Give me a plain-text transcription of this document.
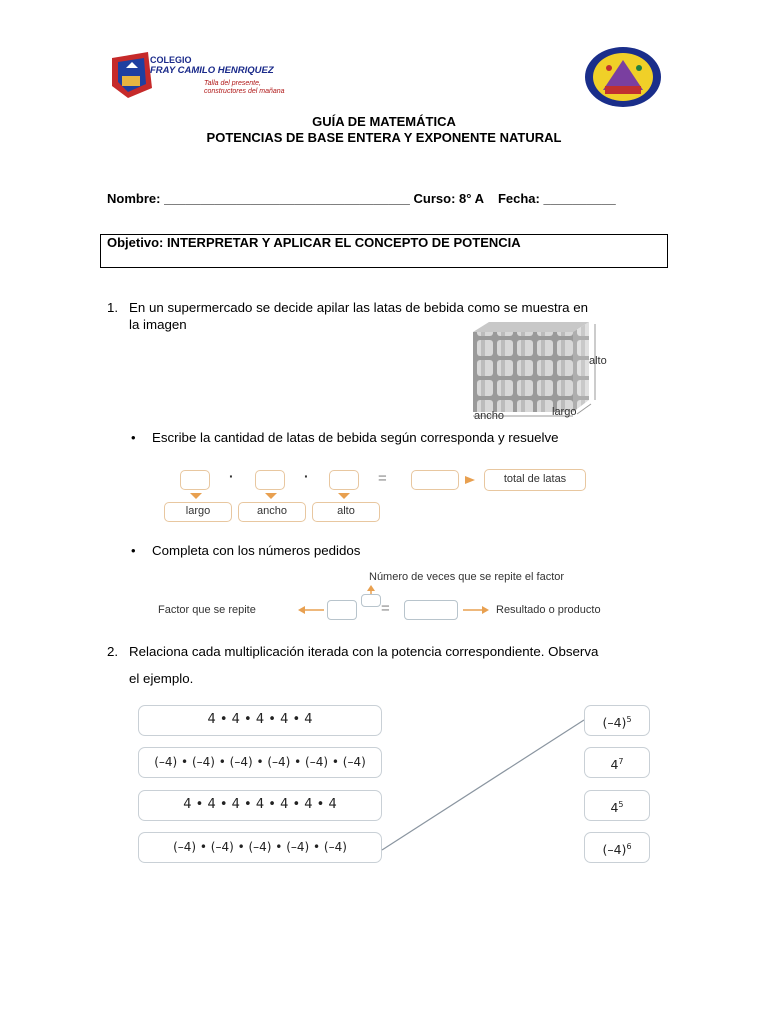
COLEGIO
FRAY CAMILO HENRIQUEZ
Talla del presente, constructores del mañana
GUÍA DE MATEMÁTICA
POTENCIAS DE BASE ENTERA Y EXPONENTE NATURAL
Nombre: __________________________________ Curso: 8° A Fecha: __________
Objetivo: INTERPRETAR Y APLICAR EL CONCEPTO DE POTENCIA
1. En un supermercado se decide apilar las latas de bebida como se muestra en
la imagen
alto
ancho	largo
• Escribe la cantidad de latas de bebida según corresponda y resuelve
·	·	=	total de latas
largo	ancho	alto
• Completa con los números pedidos
Número de veces que se repite el factor
Factor que se repite	=	Resultado o producto
2. Relaciona cada multiplicación iterada con la potencia correspondiente. Observa
el ejemplo.
4 • 4 • 4 • 4 • 4
(–4) • (–4) • (–4) • (–4) • (–4) • (–4)
4 • 4 • 4 • 4 • 4 • 4 • 4
(–4) • (–4) • (–4) • (–4) • (–4)
$(-4)^5$
$4^7$
$4^5$
$(-4)^6$
